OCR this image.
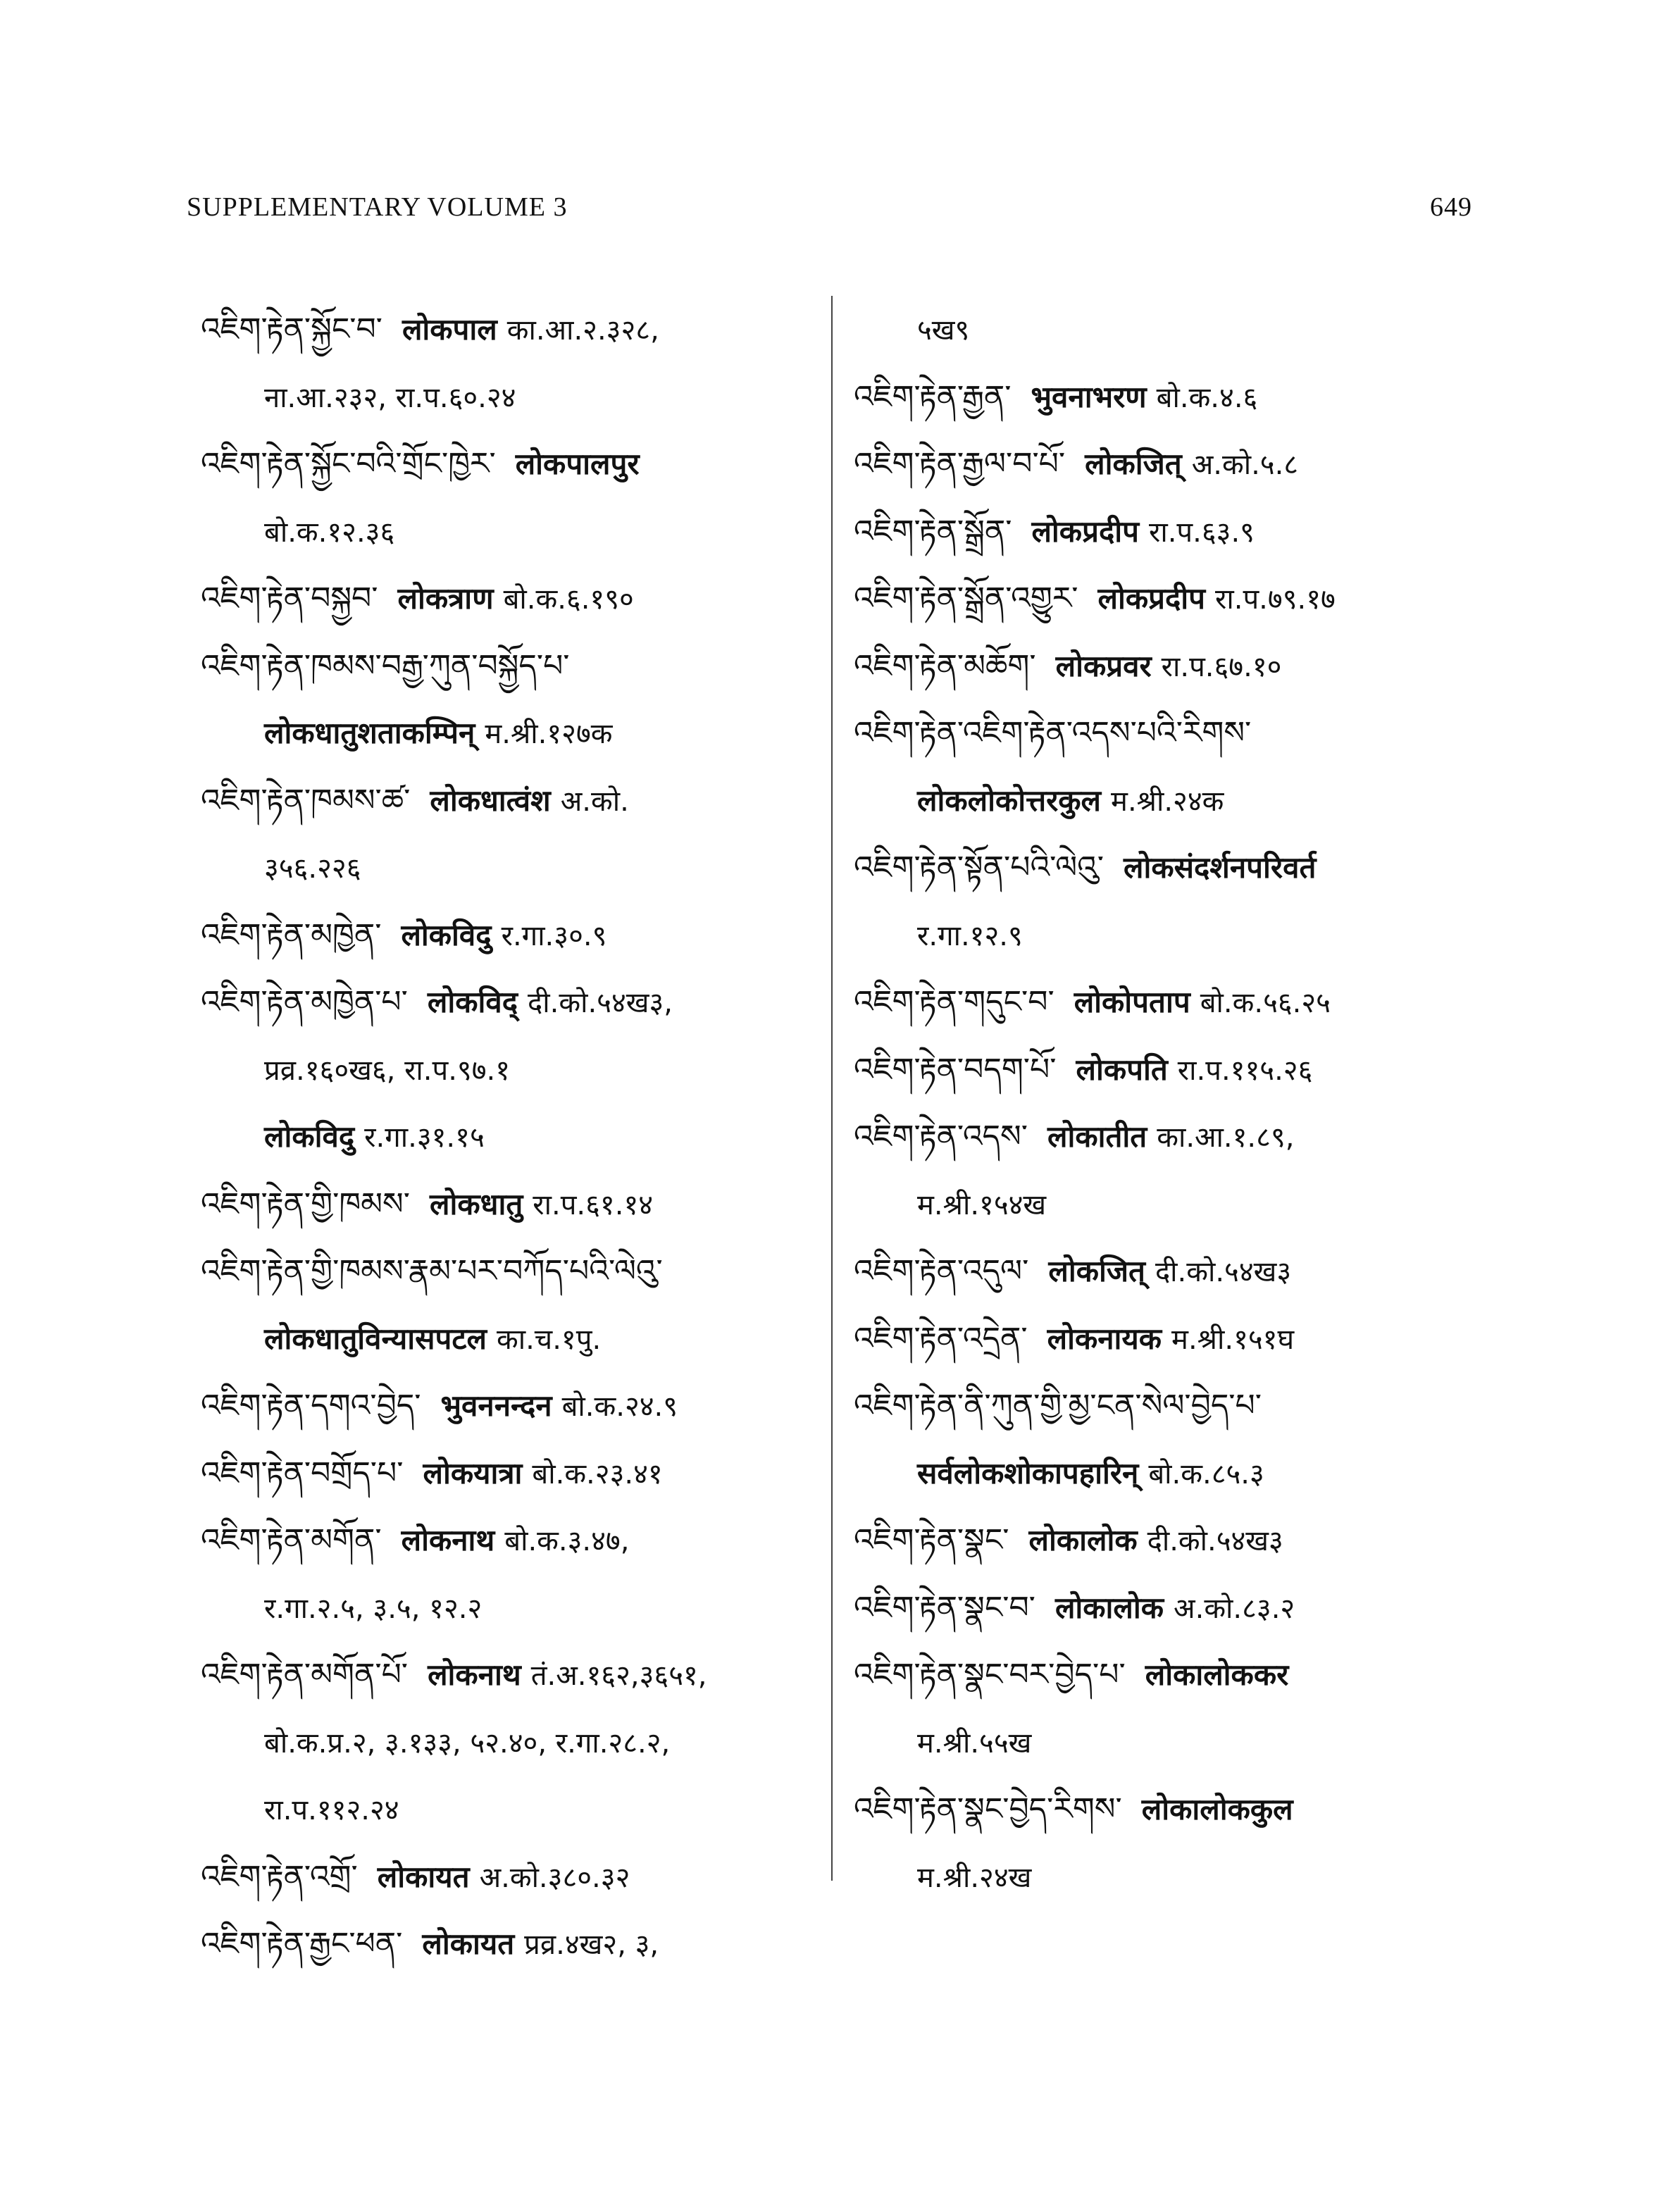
SUPPLEMENTARY VOLUME 3	649
འཇིག་རྟེན་སྐྱོང་བ་ लोकपाल का.आ.२.३२८,
ना.आ.२३२, रा.प.६०.२४
འཇིག་རྟེན་སྐྱོང་བའི་གྲོང་ཁྱེར་ लोकपालपुर
बो.क.१२.३६
འཇིག་རྟེན་བསྐྱབ་ लोकत्राण बो.क.६.१९०
འཇིག་རྟེན་ཁམས་བརྒྱ་ཀུན་བསྐྱོད་པ་
लोकधातुशताकम्पिन् म.श्री.१२७क
འཇིག་རྟེན་ཁམས་ཚ་ लोकधात्वंश अ.को.
३५६.२२६
འཇིག་རྟེན་མཁྱེན་ लोकविदु र.गा.३०.९
འཇིག་རྟེན་མཁྱེན་པ་ लोकविद् दी.को.५४ख३,
प्रव्र.१६०ख६, रा.प.९७.१
लोकविदु र.गा.३१.१५
འཇིག་རྟེན་གྱི་ཁམས་ लोकधातु रा.प.६१.१४
འཇིག་རྟེན་གྱི་ཁམས་རྣམ་པར་བཀོད་པའི་ལེའུ་
लोकधातुविन्यासपटल का.च.१पु.
འཇིག་རྟེན་དགའ་བྱེད་ भुवननन्दन बो.क.२४.९
འཇིག་རྟེན་བགྲོད་པ་ लोकयात्रा बो.क.२३.४१
འཇིག་རྟེན་མགོན་ लोकनाथ बो.क.३.४७,
र.गा.२.५, ३.५, १२.२
འཇིག་རྟེན་མགོན་པོ་ लोकनाथ तं.अ.१६२,३६५१,
बो.क.प्र.२, ३.१३३, ५२.४०, र.गा.२८.२,
रा.प.११२.२४
འཇིག་རྟེན་འགྲོ་ लोकायत अ.को.३८०.३२
འཇིག་རྟེན་རྒྱང་ཕན་ लोकायत प्रव्र.४ख२, ३,
५ख९
འཇིག་རྟེན་རྒྱན་ भुवनाभरण बो.क.४.६
འཇིག་རྟེན་རྒྱལ་བ་པོ་ लोकजित् अ.को.५.८
འཇིག་རྟེན་སྒྲོན་ लोकप्रदीप रा.प.६३.९
འཇིག་རྟེན་སྒྲོན་འགྱུར་ लोकप्रदीप रा.प.७९.१७
འཇིག་རྟེན་མཆོག་ लोकप्रवर रा.प.६७.१०
འཇིག་རྟེན་འཇིག་རྟེན་འདས་པའི་རིགས་
लोकलोकोत्तरकुल म.श्री.२४क
འཇིག་རྟེན་སྟོན་པའི་ལེའུ་ लोकसंदर्शनपरिवर्त
र.गा.१२.९
འཇིག་རྟེན་གདུང་བ་ लोकोपताप बो.क.५६.२५
འཇིག་རྟེན་བདག་པོ་ लोकपति रा.प.११५.२६
འཇིག་རྟེན་འདས་ लोकातीत का.आ.१.८९,
म.श्री.१५४ख
འཇིག་རྟེན་འདུལ་ लोकजित् दी.को.५४ख३
འཇིག་རྟེན་འདྲེན་ लोकनायक म.श्री.१५१घ
འཇིག་རྟེན་ནི་ཀུན་གྱི་མྱ་ངན་སེལ་བྱེད་པ་
सर्वलोकशोकापहारिन् बो.क.८५.३
འཇིག་རྟེན་སྣང་ लोकालोक दी.को.५४ख३
འཇིག་རྟེན་སྣང་བ་ लोकालोक अ.को.८३.२
འཇིག་རྟེན་སྣང་བར་བྱེད་པ་ लोकालोककर
म.श्री.५५ख
འཇིག་རྟེན་སྣང་བྱེད་རིགས་ लोकालोककुल
म.श्री.२४ख
